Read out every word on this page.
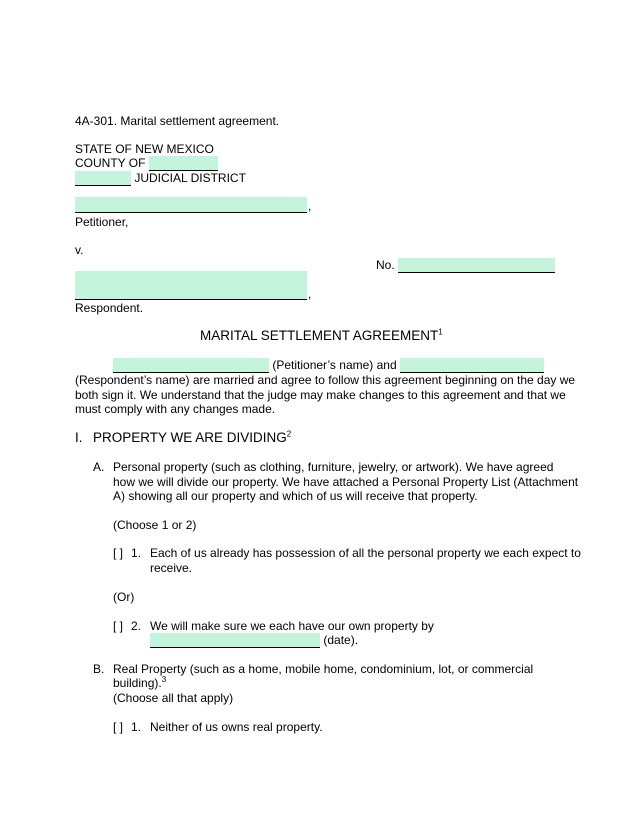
4A-301. Marital settlement agreement.
STATE OF NEW MEXICO
COUNTY OF
JUDICIAL DISTRICT
,
Petitioner,
v.
No.
,
Respondent.
MARITAL SETTLEMENT AGREEMENT$^1$
(Petitioner’s name) and
(Respondent’s name) are married and agree to follow this agreement beginning on the day we
both sign it. We understand that the judge may make changes to this agreement and that we
must comply with any changes made.
I. PROPERTY WE ARE DIVIDING$^2$
A. Personal property (such as clothing, furniture, jewelry, or artwork). We have agreed
how we will divide our property. We have attached a Personal Property List (Attachment
A) showing all our property and which of us will receive that property.
(Choose 1 or 2)
[ ] 1. Each of us already has possession of all the personal property we each expect to
receive.
(Or)
[ ] 2. We will make sure we each have our own property by
(date).
B. Real Property (such as a home, mobile home, condominium, lot, or commercial
building).$^3$
(Choose all that apply)
[ ] 1. Neither of us owns real property.
